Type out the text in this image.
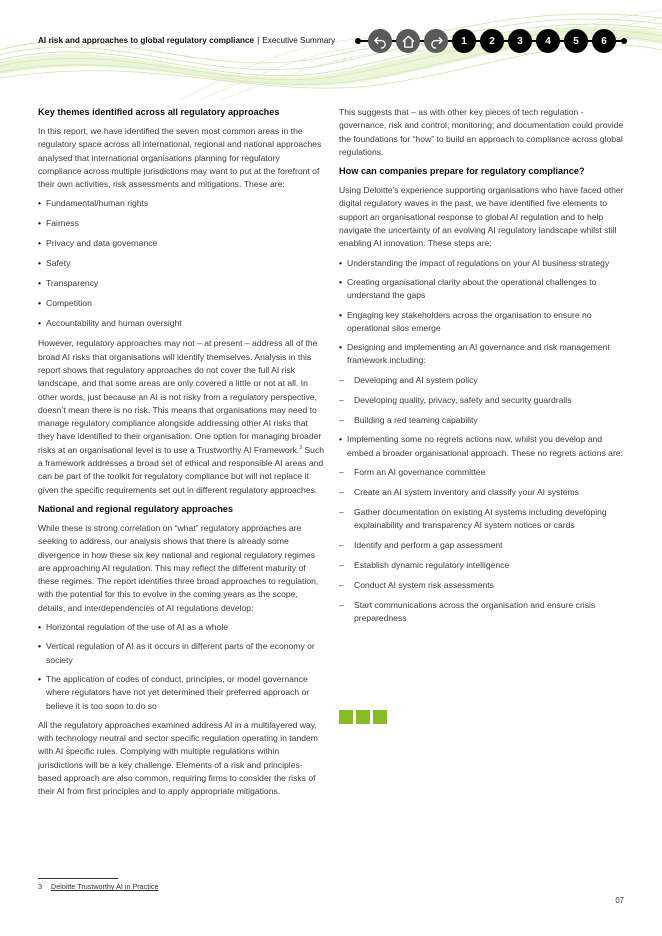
AI risk and approaches to global regulatory compliance | Executive Summary	1	2	3	4	5	6
Key themes identified across all regulatory approaches

In this report, we have identified the seven most common areas in the regulatory space across all international, regional and national approaches analysed that international organisations planning for regulatory compliance across multiple jurisdictions may want to put at the forefront of their own activities, risk assessments and mitigations. These are:

• Fundamental/human rights
• Fairness
• Privacy and data governance
• Safety
• Transparency
• Competition
• Accountability and human oversight

However, regulatory approaches may not – at present – address all of the broad AI risks that organisations will identify themselves. Analysis in this report shows that regulatory approaches do not cover the full AI risk landscape, and that some areas are only covered a little or not at all. In other words, just because an AI is not risky from a regulatory perspective, doesn’t mean there is no risk. This means that organisations may need to manage regulatory compliance alongside addressing other AI risks that they have identified to their organisation. One option for managing broader risks at an organisational level is to use a Trustworthy AI Framework.$^3$ Such a framework addresses a broad set of ethical and responsible AI areas and can be part of the toolkit for regulatory compliance but will not replace it given the specific requirements set out in different regulatory approaches.

National and regional regulatory approaches

While these is strong correlation on “what” regulatory approaches are seeking to address, our analysis shows that there is already some divergence in how these six key national and regional regulatory regimes are approaching AI regulation. This may reflect the different maturity of these regimes. The report identifies three broad approaches to regulation, with the potential for this to evolve in the coming years as the scope, details, and interdependencies of AI regulations develop:

• Horizontal regulation of the use of AI as a whole
• Vertical regulation of AI as it occurs in different parts of the economy or society
• The application of codes of conduct, principles, or model governance where regulators have not yet determined their preferred approach or believe it is too soon to do so

All the regulatory approaches examined address AI in a multilayered way, with technology neutral and sector specific regulation operating in tandem with AI specific rules. Complying with multiple regulations within jurisdictions will be a key challenge. Elements of a risk and principles-based approach are also common, requiring firms to consider the risks of their AI from first principles and to apply appropriate mitigations.

This suggests that – as with other key pieces of tech regulation - governance, risk and control; monitoring; and documentation could provide the foundations for “how” to build an approach to compliance across global regulations.

How can companies prepare for regulatory compliance?

Using Deloitte’s experience supporting organisations who have faced other digital regulatory waves in the past, we have identified five elements to support an organisational response to global AI regulation and to help navigate the uncertainty of an evolving AI regulatory landscape whilst still enabling AI innovation. These steps are:

• Understanding the impact of regulations on your AI business strategy
• Creating organisational clarity about the operational challenges to understand the gaps
• Engaging key stakeholders across the organisation to ensure no operational silos emerge
• Designing and implementing an AI governance and risk management framework including:
– Developing and AI system policy
– Developing quality, privacy, safety and security guardrails
– Building a red teaming capability
• Implementing some no regrets actions now, whilst you develop and embed a broader organisational approach. These no regrets actions are:
– Form an AI governance committee
– Create an AI system inventory and classify your AI systems
– Gather documentation on existing AI systems including developing explainability and transparency AI system notices or cards
– Identify and perform a gap assessment
– Establish dynamic regulatory intelligence
– Conduct AI system risk assessments
– Start communications across the organisation and ensure crisis preparedness
3 Deloitte Trustworthy AI in Practice
07
